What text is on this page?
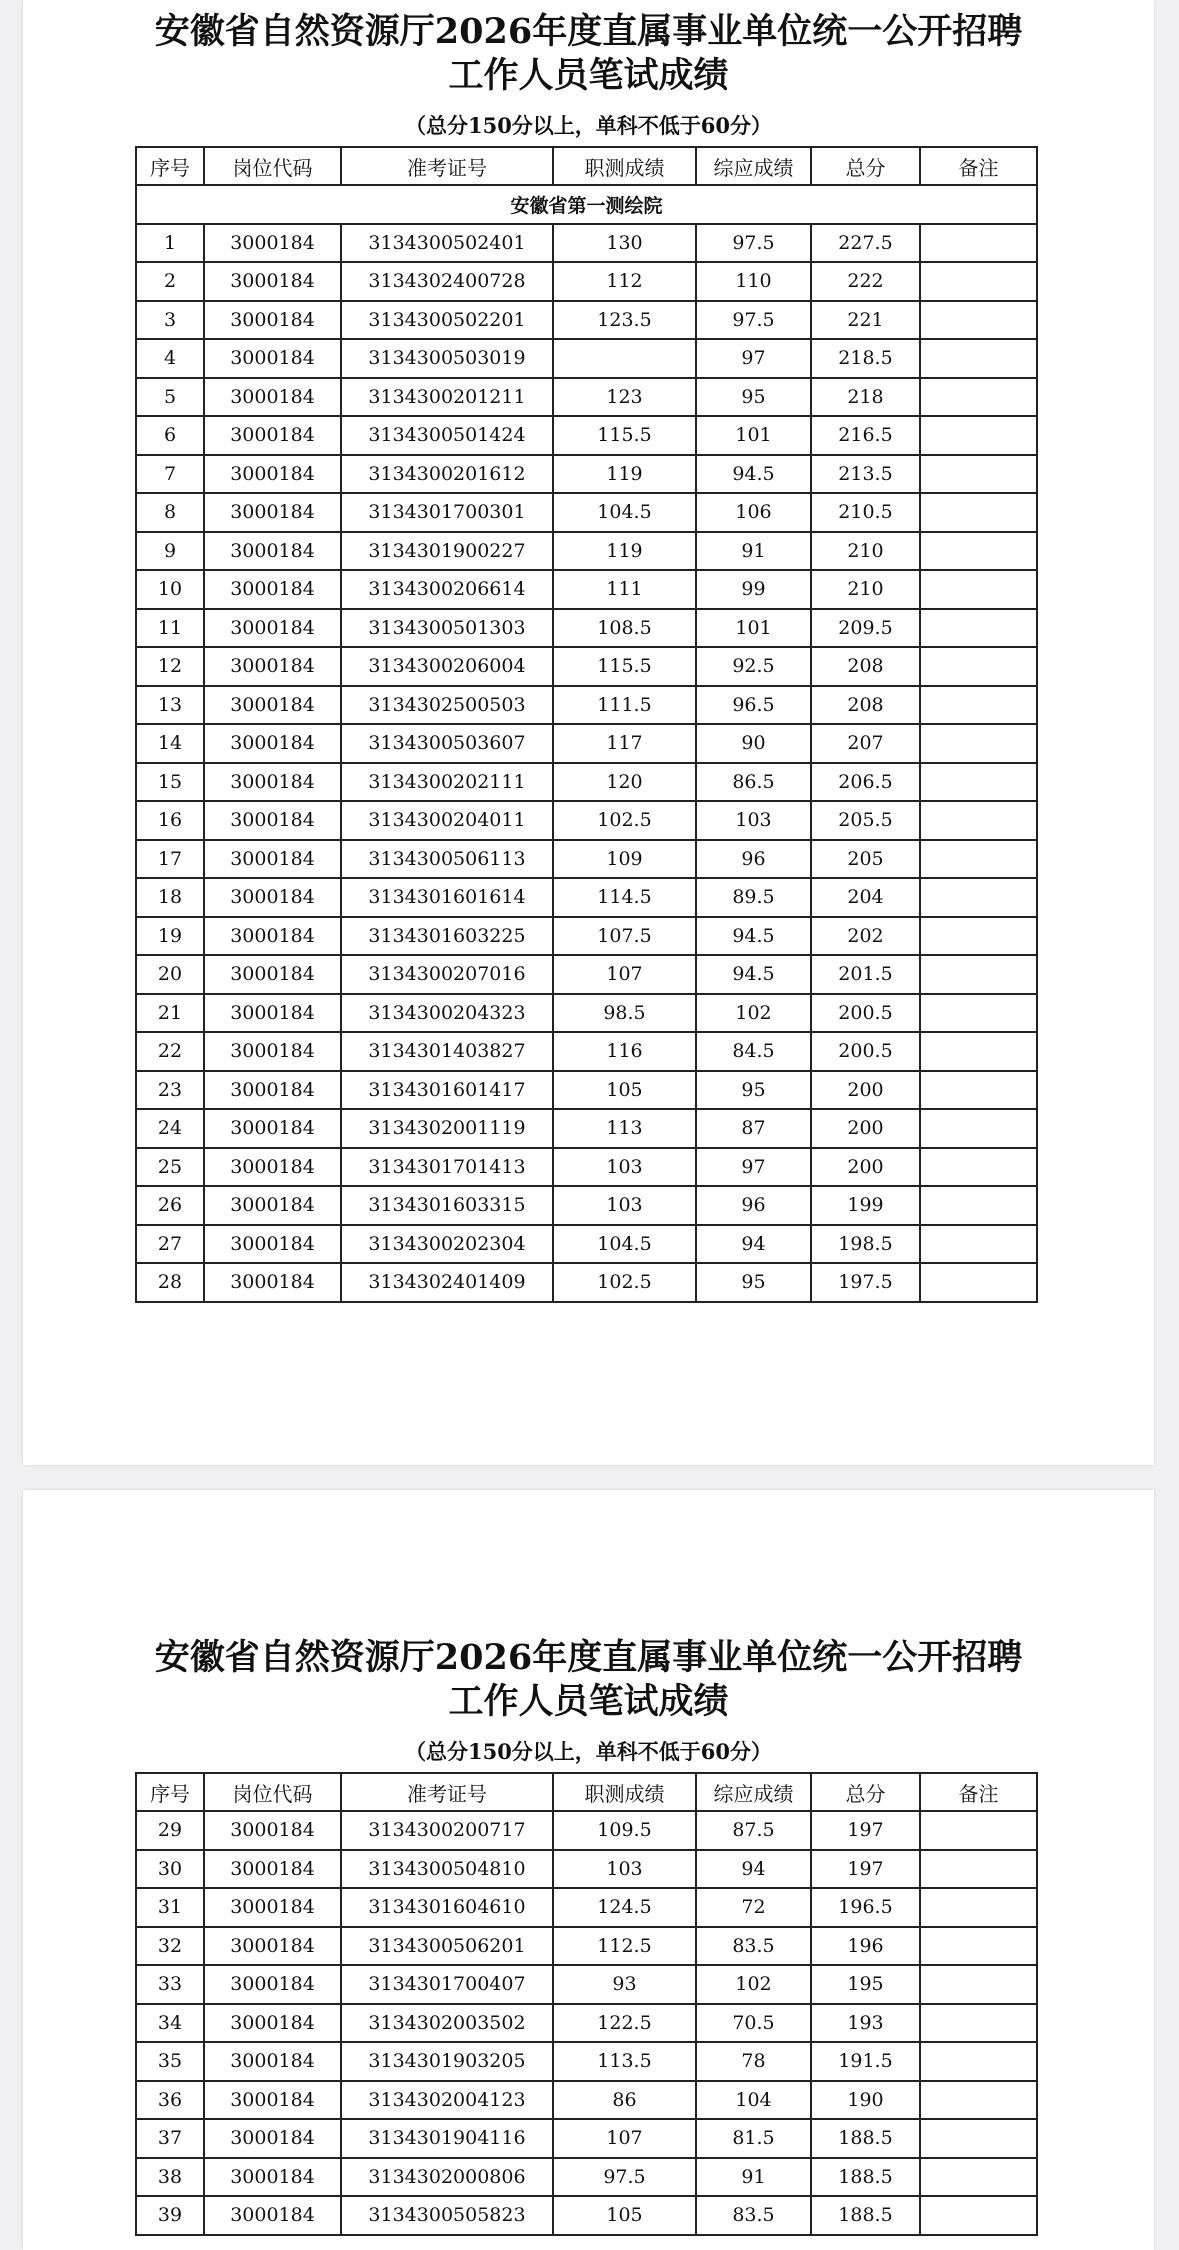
安徽省自然资源厅2026年度直属事业单位统一公开招聘
工作人员笔试成绩
（总分150分以上，单科不低于60分）
序号	岗位代码	准考证号	职测成绩	综应成绩	总分	备注
安徽省第一测绘院						
1	3000184	3134300502401	130	97.5	227.5	
2	3000184	3134302400728	112	110	222	
3	3000184	3134300502201	123.5	97.5	221	
4	3000184	3134300503019		97	218.5	
5	3000184	3134300201211	123	95	218	
6	3000184	3134300501424	115.5	101	216.5	
7	3000184	3134300201612	119	94.5	213.5	
8	3000184	3134301700301	104.5	106	210.5	
9	3000184	3134301900227	119	91	210	
10	3000184	3134300206614	111	99	210	
11	3000184	3134300501303	108.5	101	209.5	
12	3000184	3134300206004	115.5	92.5	208	
13	3000184	3134302500503	111.5	96.5	208	
14	3000184	3134300503607	117	90	207	
15	3000184	3134300202111	120	86.5	206.5	
16	3000184	3134300204011	102.5	103	205.5	
17	3000184	3134300506113	109	96	205	
18	3000184	3134301601614	114.5	89.5	204	
19	3000184	3134301603225	107.5	94.5	202	
20	3000184	3134300207016	107	94.5	201.5	
21	3000184	3134300204323	98.5	102	200.5	
22	3000184	3134301403827	116	84.5	200.5	
23	3000184	3134301601417	105	95	200	
24	3000184	3134302001119	113	87	200	
25	3000184	3134301701413	103	97	200	
26	3000184	3134301603315	103	96	199	
27	3000184	3134300202304	104.5	94	198.5	
28	3000184	3134302401409	102.5	95	197.5	
安徽省自然资源厅2026年度直属事业单位统一公开招聘
工作人员笔试成绩
（总分150分以上，单科不低于60分）
序号	岗位代码	准考证号	职测成绩	综应成绩	总分	备注
29	3000184	3134300200717	109.5	87.5	197	
30	3000184	3134300504810	103	94	197	
31	3000184	3134301604610	124.5	72	196.5	
32	3000184	3134300506201	112.5	83.5	196	
33	3000184	3134301700407	93	102	195	
34	3000184	3134302003502	122.5	70.5	193	
35	3000184	3134301903205	113.5	78	191.5	
36	3000184	3134302004123	86	104	190	
37	3000184	3134301904116	107	81.5	188.5	
38	3000184	3134302000806	97.5	91	188.5	
39	3000184	3134300505823	105	83.5	188.5	
